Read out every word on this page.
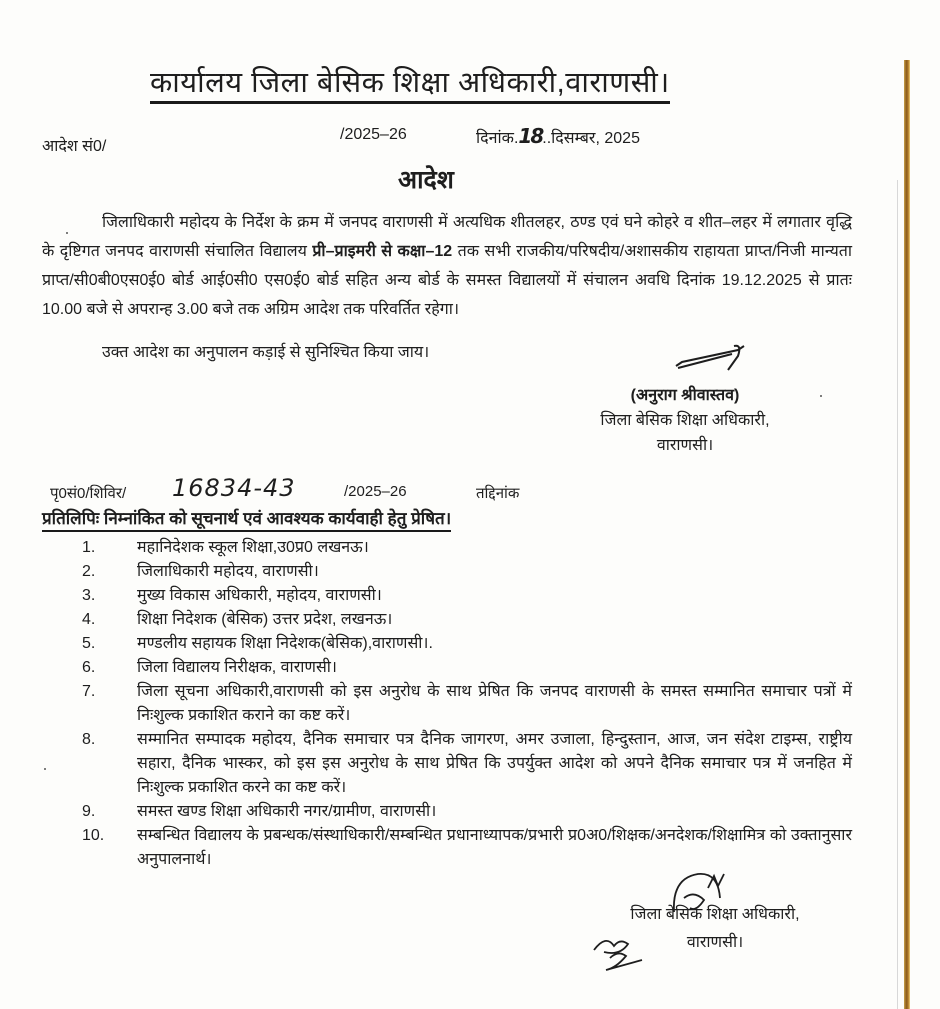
कार्यालय जिला बेसिक शिक्षा अधिकारी,वाराणसी।
आदेश सं0/
/2025–26	दिनांक.18..दिसम्बर, 2025
आदेश
जिलाधिकारी महोदय के निर्देश के क्रम में जनपद वाराणसी में अत्यधिक शीतलहर, ठण्ड एवं घने कोहरे व शीत–लहर में लगातार वृद्धि के दृष्टिगत जनपद वाराणसी संचालित विद्यालय प्री–प्राइमरी से कक्षा–12 तक सभी राजकीय/परिषदीय/अशासकीय राहायता प्राप्त/निजी मान्यता प्राप्त/सी0बी0एस0ई0 बोर्ड आई0सी0 एस0ई0 बोर्ड सहित अन्य बोर्ड के समस्त विद्यालयों में संचालन अवधि दिनांक 19.12.2025 से प्रातः 10.00 बजे से अपरान्ह 3.00 बजे तक अग्रिम आदेश तक परिवर्तित रहेगा।
उक्त आदेश का अनुपालन कड़ाई से सुनिश्चित किया जाय।
(अनुराग श्रीवास्तव)
जिला बेसिक शिक्षा अधिकारी,
वाराणसी।
पृ0सं0/शिविर/ 16834-43	/2025–26	तद्दिनांक
प्रतिलिपिः निम्नांकित को सूचनार्थ एवं आवश्यक कार्यवाही हेतु प्रेषित।
1.	महानिदेशक स्कूल शिक्षा,उ0प्र0 लखनऊ।
2.	जिलाधिकारी महोदय, वाराणसी।
3.	मुख्य विकास अधिकारी, महोदय, वाराणसी।
4.	शिक्षा निदेशक (बेसिक) उत्तर प्रदेश, लखनऊ।
5.	मण्डलीय सहायक शिक्षा निदेशक(बेसिक),वाराणसी।.
6.	जिला विद्यालय निरीक्षक, वाराणसी।
7.	जिला सूचना अधिकारी,वाराणसी को इस अनुरोध के साथ प्रेषित कि जनपद वाराणसी के समस्त सम्मानित समाचार पत्रों में निःशुल्क प्रकाशित कराने का कष्ट करें।
8.	सम्मानित सम्पादक महोदय, दैनिक समाचार पत्र दैनिक जागरण, अमर उजाला, हिन्दुस्तान, आज, जन संदेश टाइम्स, राष्ट्रीय सहारा, दैनिक भास्कर, को इस इस अनुरोध के साथ प्रेषित कि उपर्युक्त आदेश को अपने दैनिक समाचार पत्र में जनहित में निःशुल्क प्रकाशित करने का कष्ट करें।
9.	समस्त खण्ड शिक्षा अधिकारी नगर/ग्रामीण, वाराणसी।
10.	सम्बन्धित विद्यालय के प्रबन्धक/संस्थाधिकारी/सम्बन्धित प्रधानाध्यापक/प्रभारी प्र0अ0/शिक्षक/अनदेशक/शिक्षामित्र को उक्तानुसार अनुपालनार्थ।
जिला बेसिक शिक्षा अधिकारी,
वाराणसी।
